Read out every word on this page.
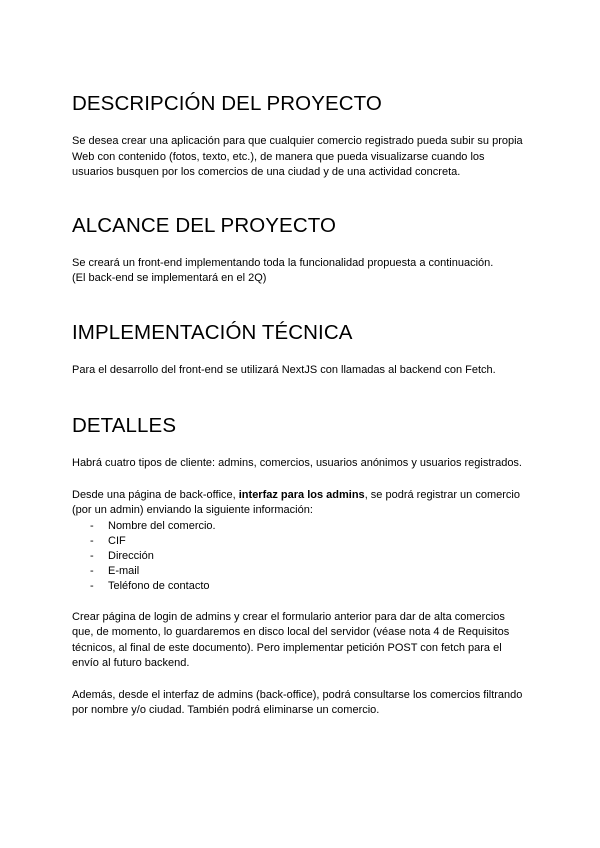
DESCRIPCIÓN DEL PROYECTO

Se desea crear una aplicación para que cualquier comercio registrado pueda subir su propia
Web con contenido (fotos, texto, etc.), de manera que pueda visualizarse cuando los
usuarios busquen por los comercios de una ciudad y de una actividad concreta.

ALCANCE DEL PROYECTO

Se creará un front-end implementando toda la funcionalidad propuesta a continuación.
(El back-end se implementará en el 2Q)

IMPLEMENTACIÓN TÉCNICA

Para el desarrollo del front-end se utilizará NextJS con llamadas al backend con Fetch.

DETALLES

Habrá cuatro tipos de cliente: admins, comercios, usuarios anónimos y usuarios registrados.

Desde una página de back-office, interfaz para los admins, se podrá registrar un comercio
(por un admin) enviando la siguiente información:

- Nombre del comercio.
- CIF
- Dirección
- E-mail
- Teléfono de contacto

Crear página de login de admins y crear el formulario anterior para dar de alta comercios
que, de momento, lo guardaremos en disco local del servidor (véase nota 4 de Requisitos
técnicos, al final de este documento). Pero implementar petición POST con fetch para el
envío al futuro backend.

Además, desde el interfaz de admins (back-office), podrá consultarse los comercios filtrando
por nombre y/o ciudad. También podrá eliminarse un comercio.
